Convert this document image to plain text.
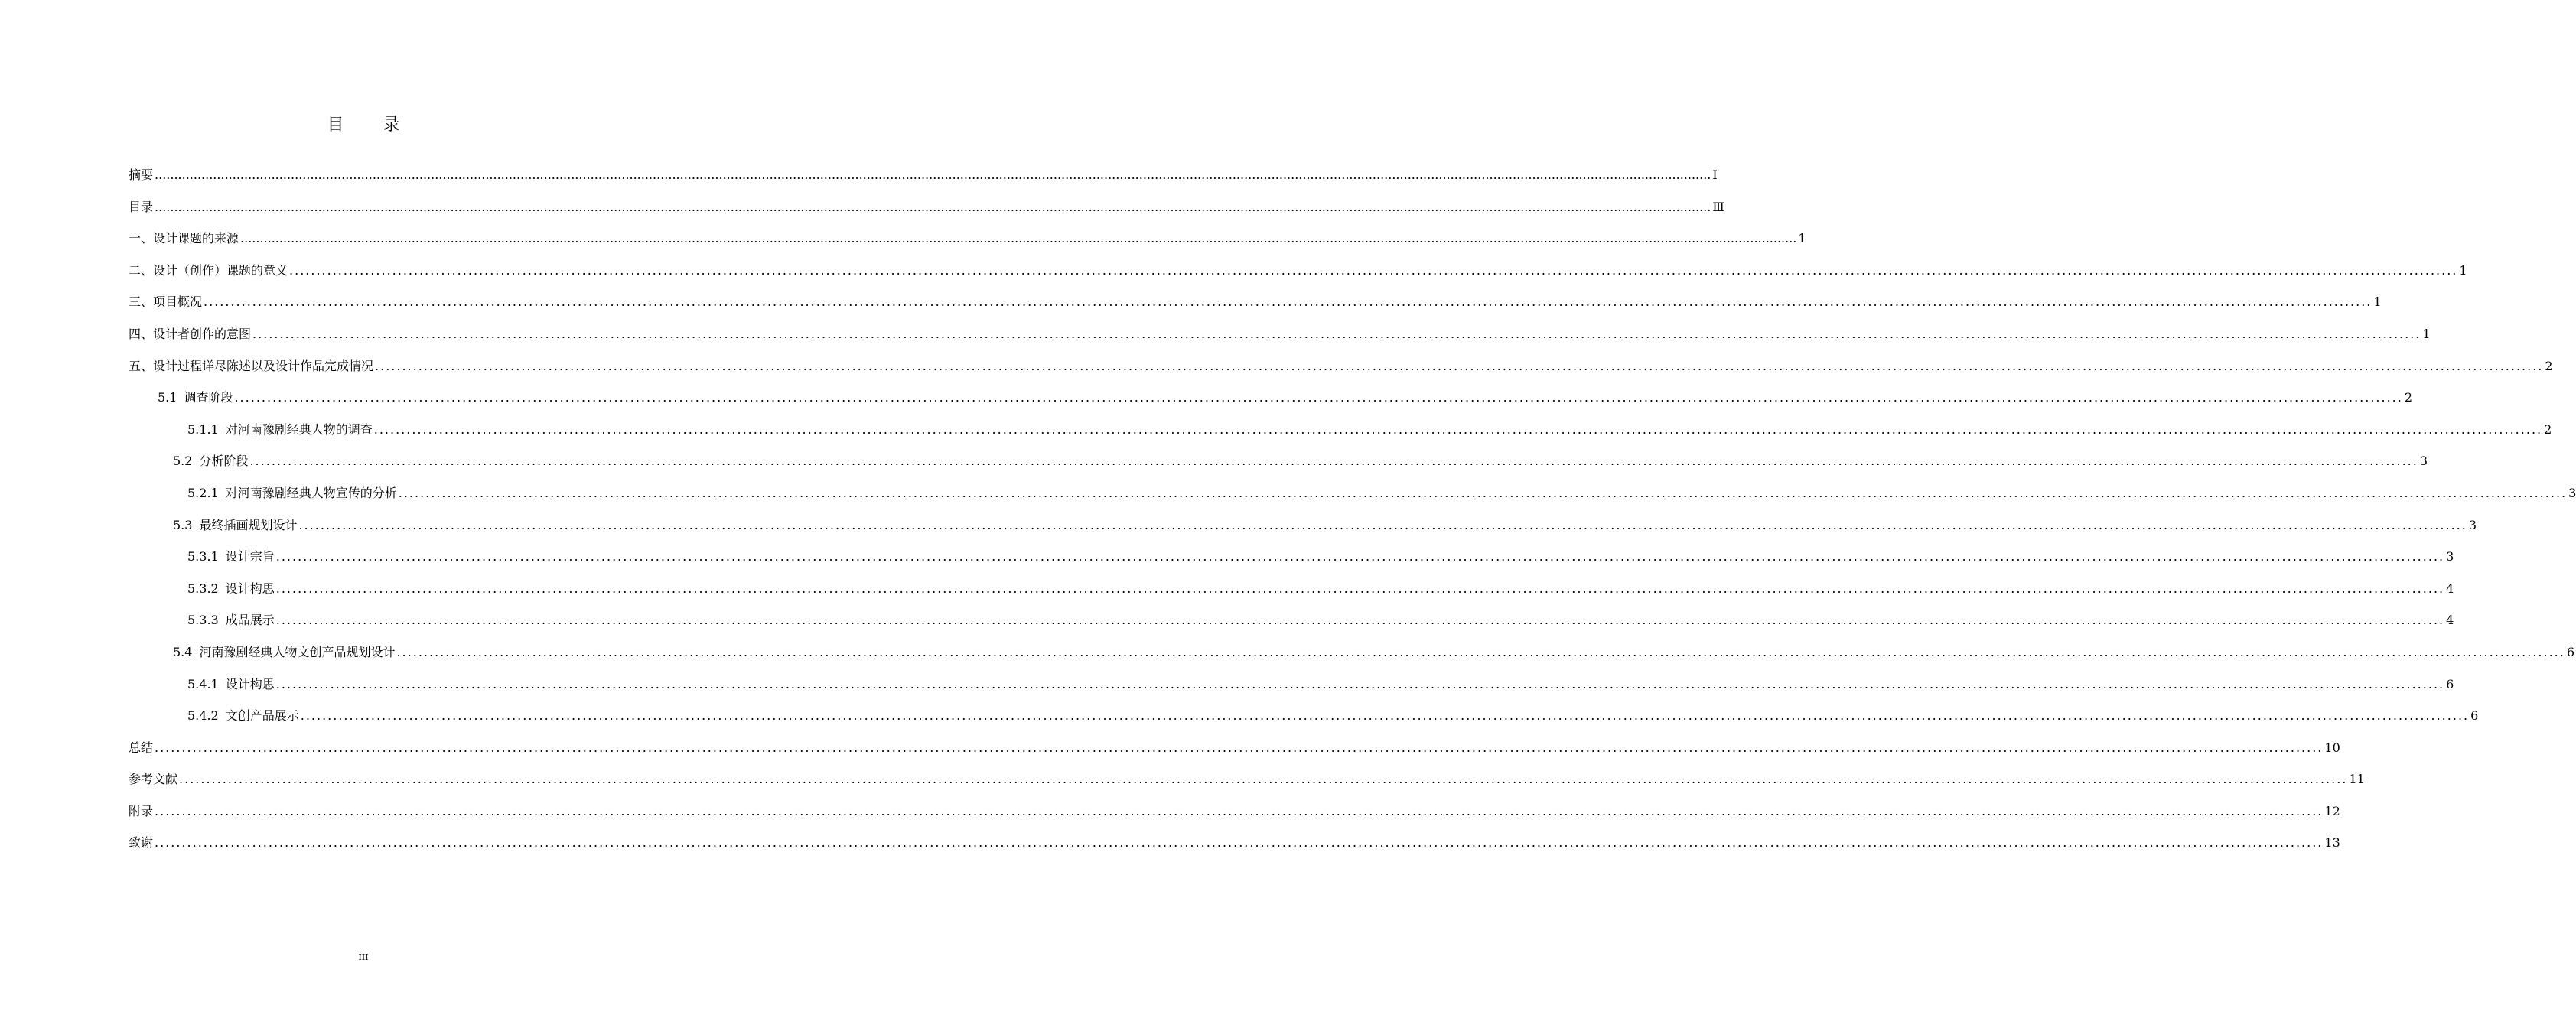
目 录
摘要 ................................................................................................................................................................................................................................................................................................................................................................................................................ Ⅰ
目录 ................................................................................................................................................................................................................................................................................................................................................................................................................ Ⅲ
一、设计课题的来源 ................................................................................................................................................................................................................................................................................................................................................................................................................ 1
二、设计（创作）课题的意义 ................................................................................................................................................................................................................................................................................................................................................................................................................ 1
三、项目概况 ................................................................................................................................................................................................................................................................................................................................................................................................................ 1
四、设计者创作的意图 ................................................................................................................................................................................................................................................................................................................................................................................................................ 1
五、设计过程详尽陈述以及设计作品完成情况 ................................................................................................................................................................................................................................................................................................................................................................................................................ 2
5.1 调查阶段 ................................................................................................................................................................................................................................................................................................................................................................................................................ 2
5.1.1 对河南豫剧经典人物的调查 ................................................................................................................................................................................................................................................................................................................................................................................................................ 2
5.2 分析阶段 ................................................................................................................................................................................................................................................................................................................................................................................................................ 3
5.2.1 对河南豫剧经典人物宣传的分析 ................................................................................................................................................................................................................................................................................................................................................................................................................ 3
5.3 最终插画规划设计 ................................................................................................................................................................................................................................................................................................................................................................................................................ 3
5.3.1 设计宗旨 ................................................................................................................................................................................................................................................................................................................................................................................................................ 3
5.3.2 设计构思 ................................................................................................................................................................................................................................................................................................................................................................................................................ 4
5.3.3 成品展示 ................................................................................................................................................................................................................................................................................................................................................................................................................ 4
5.4 河南豫剧经典人物文创产品规划设计 ................................................................................................................................................................................................................................................................................................................................................................................................................ 6
5.4.1 设计构思 ................................................................................................................................................................................................................................................................................................................................................................................................................ 6
5.4.2 文创产品展示 ................................................................................................................................................................................................................................................................................................................................................................................................................ 6
总结 ................................................................................................................................................................................................................................................................................................................................................................................................................ 10
参考文献 ................................................................................................................................................................................................................................................................................................................................................................................................................ 11
附录 ................................................................................................................................................................................................................................................................................................................................................................................................................ 12
致谢 ................................................................................................................................................................................................................................................................................................................................................................................................................ 13
III
